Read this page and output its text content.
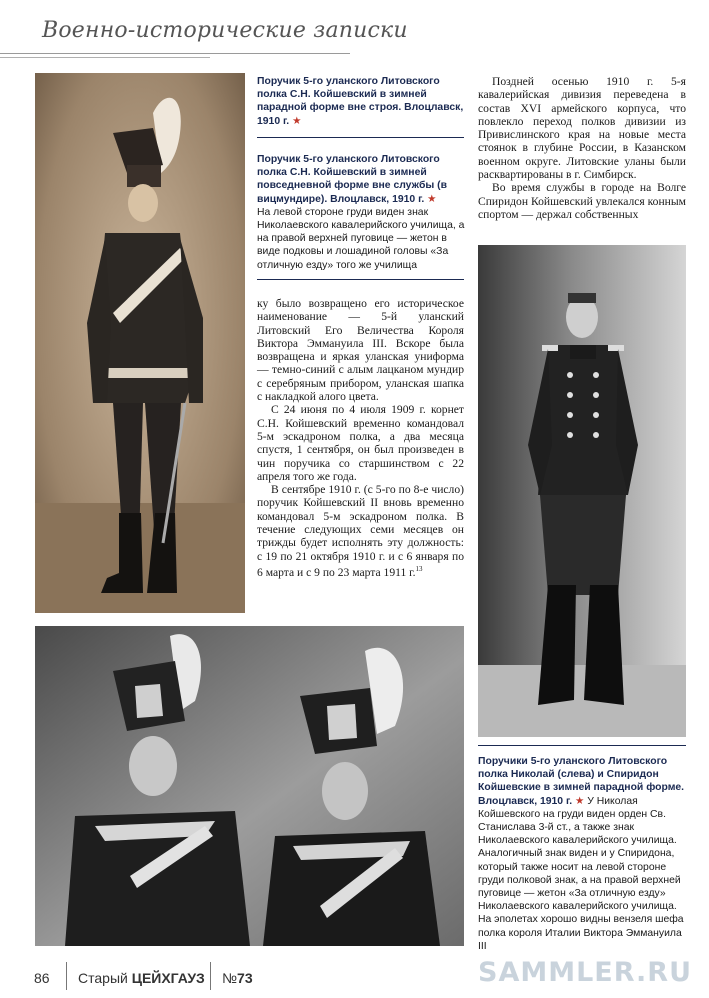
Военно-исторические записки
Поручик 5-го уланского Литовского полка С.Н. Койшевский в зимней парадной форме вне строя. Влоцлавск, 1910 г. ★
Поручик 5-го уланского Литовского полка С.Н. Койшевский в зимней повседневной форме вне службы (в вицмундире). Влоцлавск, 1910 г. ★
На левой стороне груди виден знак Николаевского кавалерийского училища, а на правой верхней пуговице — жетон в виде подковы и лошадиной головы «За отличную езду» того же училища

Поздней осенью 1910 г. 5-я кавалерийская дивизия переведена в состав XVI армейского корпуса, что повлекло переход полков дивизии из Привислинского края на новые места стоянок в глубине России, в Казанском военном округе. Литовские уланы были расквартированы в г. Симбирск.

Во время службы в городе на Волге Спиридон Койшевский увлекался конным спортом — держал собственных

ку было возвращено его историческое наименование — 5-й уланский Литовский Его Величества Короля Виктора Эммануила III. Вскоре была возвращена и яркая уланская униформа — темно-синий с алым лацканом мундир с серебряным прибором, уланская шапка с накладкой алого цвета.

С 24 июня по 4 июля 1909 г. корнет С.Н. Койшевский временно командовал 5-м эскадроном полка, а два месяца спустя, 1 сентября, он был произведен в чин поручика со старшинством с 22 апреля того же года.

В сентябре 1910 г. (с 5-го по 8-е число) поручик Койшевский II вновь временно командовал 5-м эскадроном полка. В течение следующих семи месяцев он трижды будет исполнять эту должность: с 19 по 21 октября 1910 г. и с 6 января по 6 марта и с 9 по 23 марта 1911 г.$^{13}$

Поручики 5-го уланского Литовского полка Николай (слева) и Спиридон Койшевские в зимней парадной форме. Влоцлавск, 1910 г. ★ У Николая Койшевского на груди виден орден Св. Станислава 3-й ст., а также знак Николаевского кавалерийского училища. Аналогичный знак виден и у Спиридона, который также носит на левой стороне груди полковой знак, а на правой верхней пуговице — жетон «За отличную езду» Николаевского кавалерийского училища. На эполетах хорошо видны вензеля шефа полка короля Италии Виктора Эммануила III
86 Старый ЦЕЙХГАУЗ №73	SAMMLER.RU
